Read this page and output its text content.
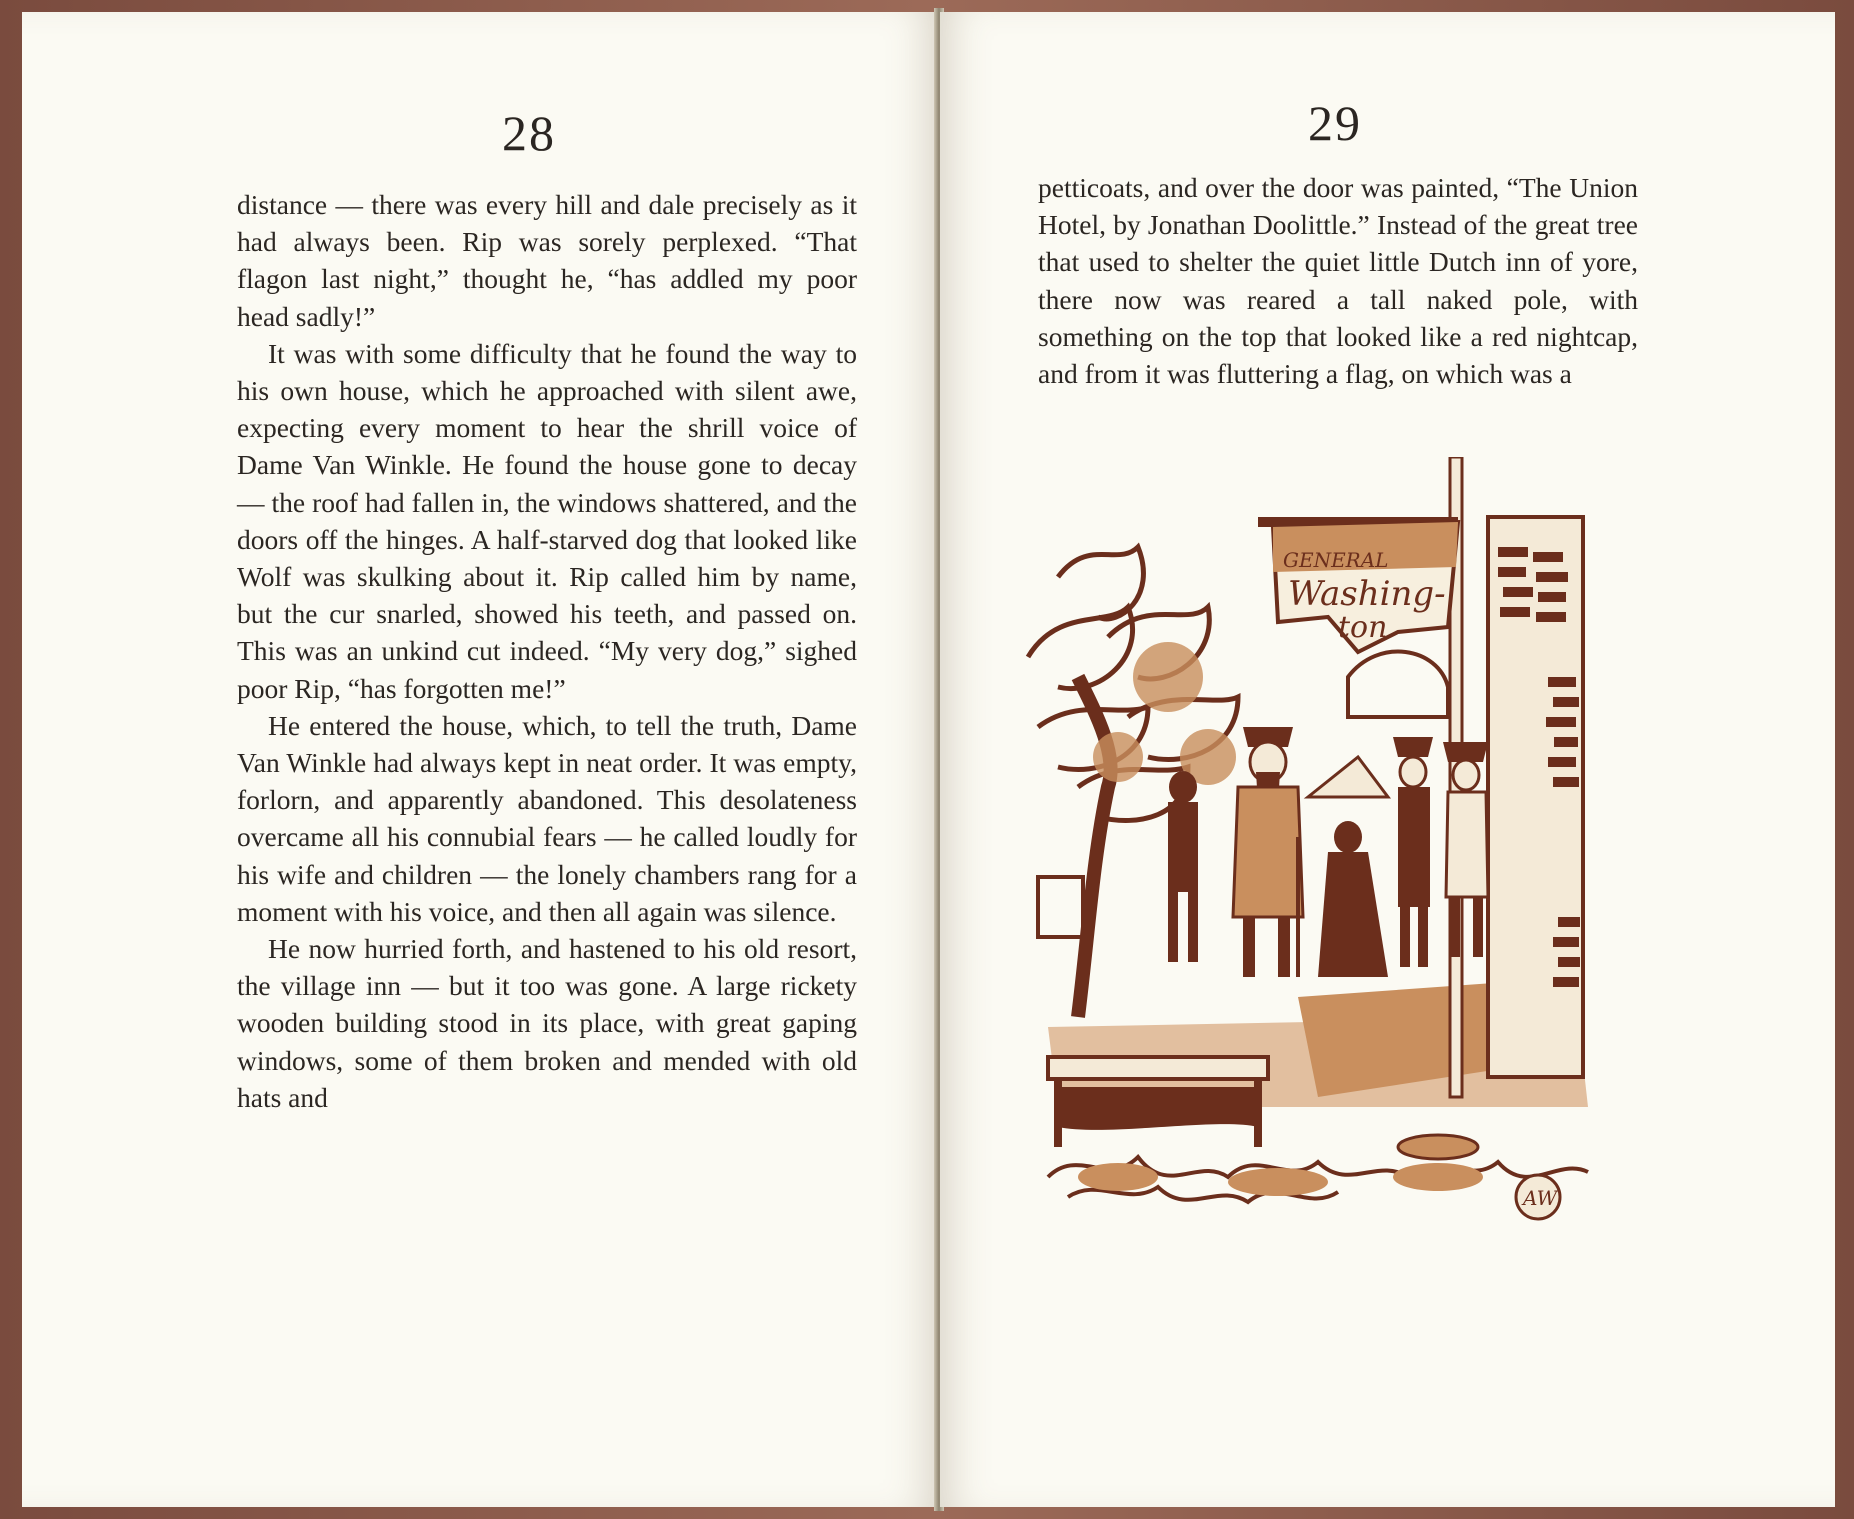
28

distance — there was every hill and dale precisely as it had always been. Rip was sorely perplexed. “That flagon last night,” thought he, “has addled my poor head sadly!”

It was with some difficulty that he found the way to his own house, which he approached with silent awe, expecting every moment to hear the shrill voice of Dame Van Winkle. He found the house gone to decay — the roof had fallen in, the windows shattered, and the doors off the hinges. A half-starved dog that looked like Wolf was skulking about it. Rip called him by name, but the cur snarled, showed his teeth, and passed on. This was an unkind cut indeed. “My very dog,” sighed poor Rip, “has forgotten me!”

He entered the house, which, to tell the truth, Dame Van Winkle had always kept in neat order. It was empty, forlorn, and apparently abandoned. This desolateness overcame all his connubial fears — he called loudly for his wife and children — the lonely chambers rang for a moment with his voice, and then all again was silence.

He now hurried forth, and hastened to his old resort, the village inn — but it too was gone. A large rickety wooden building stood in its place, with great gaping windows, some of them broken and mended with old hats and

29

petticoats, and over the door was painted, “The Union Hotel, by Jonathan Doolittle.” Instead of the great tree that used to shelter the quiet little Dutch inn of yore, there now was reared a tall naked pole, with something on the top that looked like a red nightcap, and from it was fluttering a flag, on which was a

GENERAL
Washing-
ton
AW
